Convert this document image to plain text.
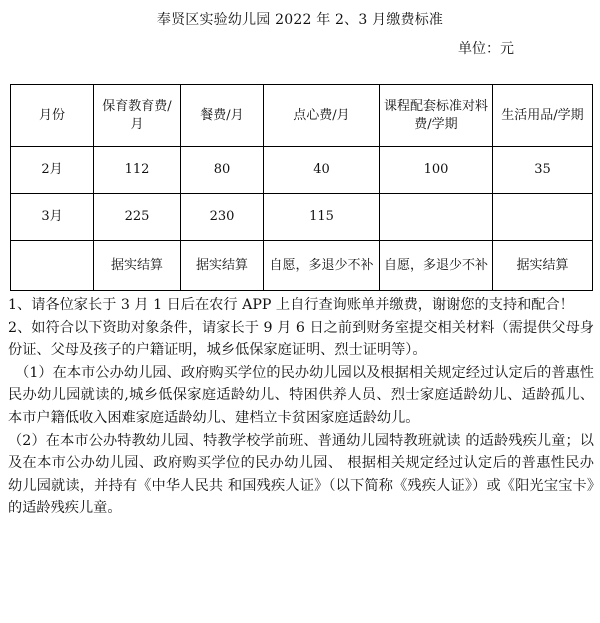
奉贤区实验幼儿园 2022 年 2、3 月缴费标准
单位：元
月份	保育教育费/月	餐费/月	点心费/月	课程配套标准对料费/学期	生活用品/学期
2月	112	80	40	100	35
3月	225	230	115		
	据实结算	据实结算	自愿，多退少不补	自愿，多退少不补	据实结算

1、请各位家长于 3 月 1 日后在农行 APP 上自行查询账单并缴费，谢谢您的支持和配合！

2、如符合以下资助对象条件，请家长于 9 月 6 日之前到财务室提交相关材料（需提供父母身份证、父母及孩子的户籍证明，城乡低保家庭证明、烈士证明等）。

（1）在本市公办幼儿园、政府购买学位的民办幼儿园以及根据相关规定经过认定后的普惠性民办幼儿园就读的,城乡低保家庭适龄幼儿、特困供养人员、烈士家庭适龄幼儿、适龄孤儿、本市户籍低收入困难家庭适龄幼儿、建档立卡贫困家庭适龄幼儿。

（2）在本市公办特教幼儿园、特教学校学前班、普通幼儿园特教班就读 的适龄残疾儿童；以及在本市公办幼儿园、政府购买学位的民办幼儿园、 根据相关规定经过认定后的普惠性民办幼儿园就读，并持有《中华人民共 和国残疾人证》（以下简称《残疾人证》）或《阳光宝宝卡》的适龄残疾儿童。
